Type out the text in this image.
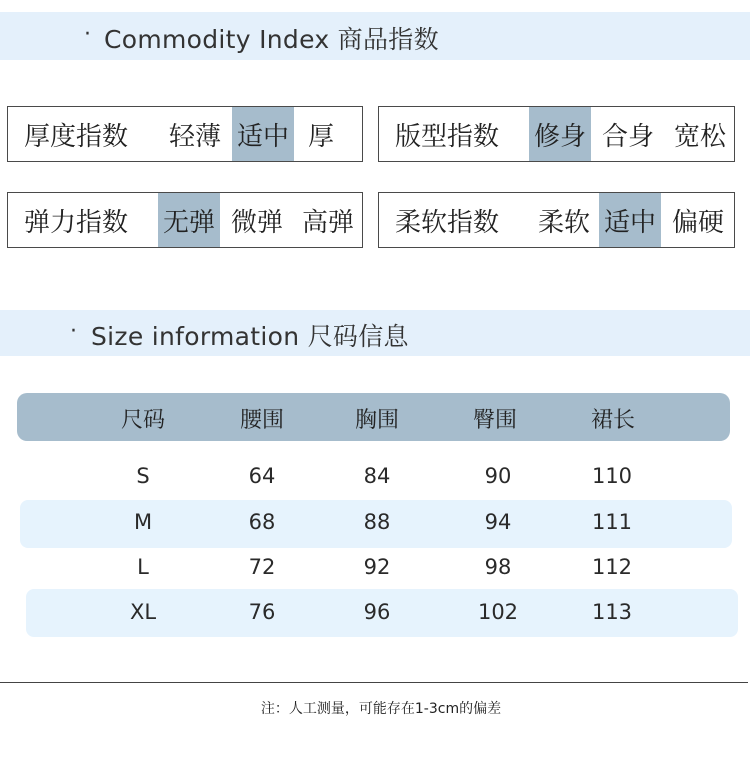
· Commodity Index 商品指数
厚度指数	轻薄 适中 厚	版型指数	修身 合身 宽松
弹力指数	无弹 微弹 高弹	柔软指数	柔软 适中 偏硬
· Size information 尺码信息
尺码	腰围	胸围	臀围	裙长
S	64	84	90	110
M	68	88	94	111
L	72	92	98	112
XL	76	96	102	113
注：人工测量，可能存在1-3cm的偏差
